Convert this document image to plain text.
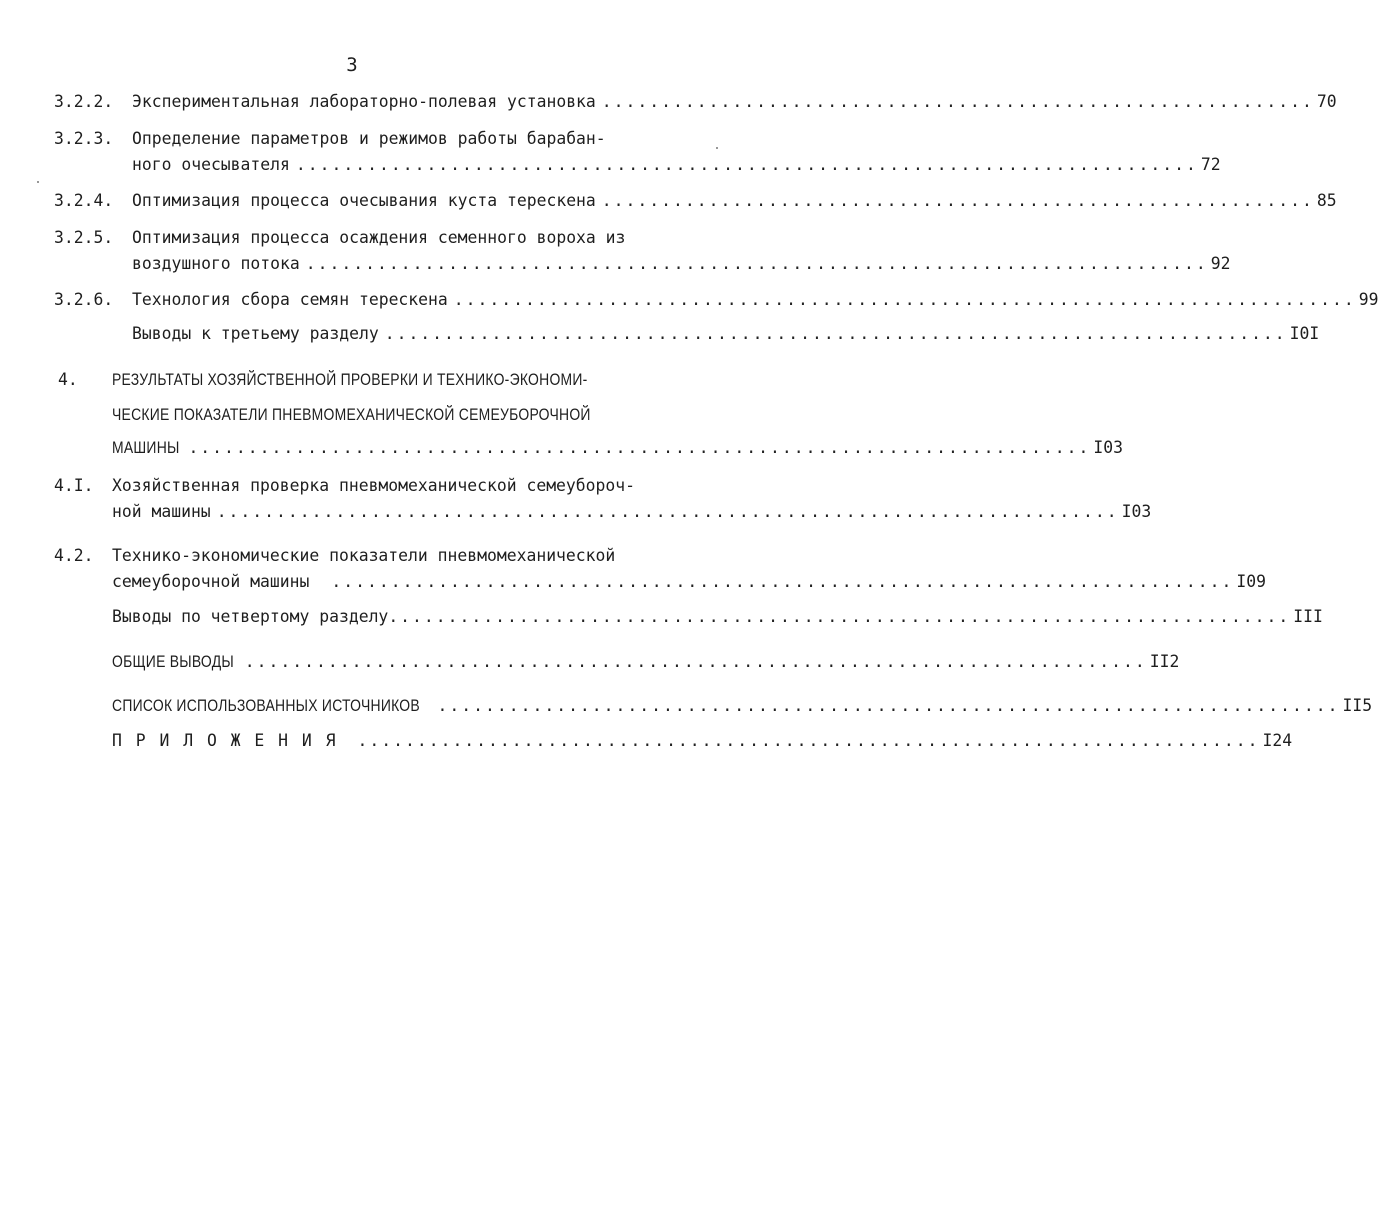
3
3.2.2. Экспериментальная лабораторно-полевая установка ............................................................ 70
3.2.3. Определение параметров и режимов работы барабан-
ного очесывателя ............................................................................ 72
3.2.4. Оптимизация процесса очесывания куста терескена ............................................................ 85
3.2.5. Оптимизация процесса осаждения семенного вороха из
воздушного потока ............................................................................ 92
3.2.6. Технология сбора семян терескена ............................................................................ 99
Выводы к третьему разделу ............................................................................ I0I
4. РЕЗУЛЬТАТЫ ХОЗЯЙСТВЕННОЙ ПРОВЕРКИ И ТЕХНИКО-ЭКОНОМИ-
ЧЕСКИЕ ПОКАЗАТЕЛИ ПНЕВМОМЕХАНИЧЕСКОЙ СЕМЕУБОРОЧНОЙ
МАШИНЫ ............................................................................ I03
4.I. Хозяйственная проверка пневмомеханической семеубороч-
ной машины ............................................................................ I03
4.2. Технико-экономические показатели пневмомеханической
семеуборочной машины ............................................................................ I09
Выводы по четвертому разделу ............................................................................ III
ОБЩИЕ ВЫВОДЫ ............................................................................ II2
СПИСОК ИСПОЛЬЗОВАННЫХ ИСТОЧНИКОВ ............................................................................ II5
П Р И Л О Ж Е Н И Я ............................................................................ I24
